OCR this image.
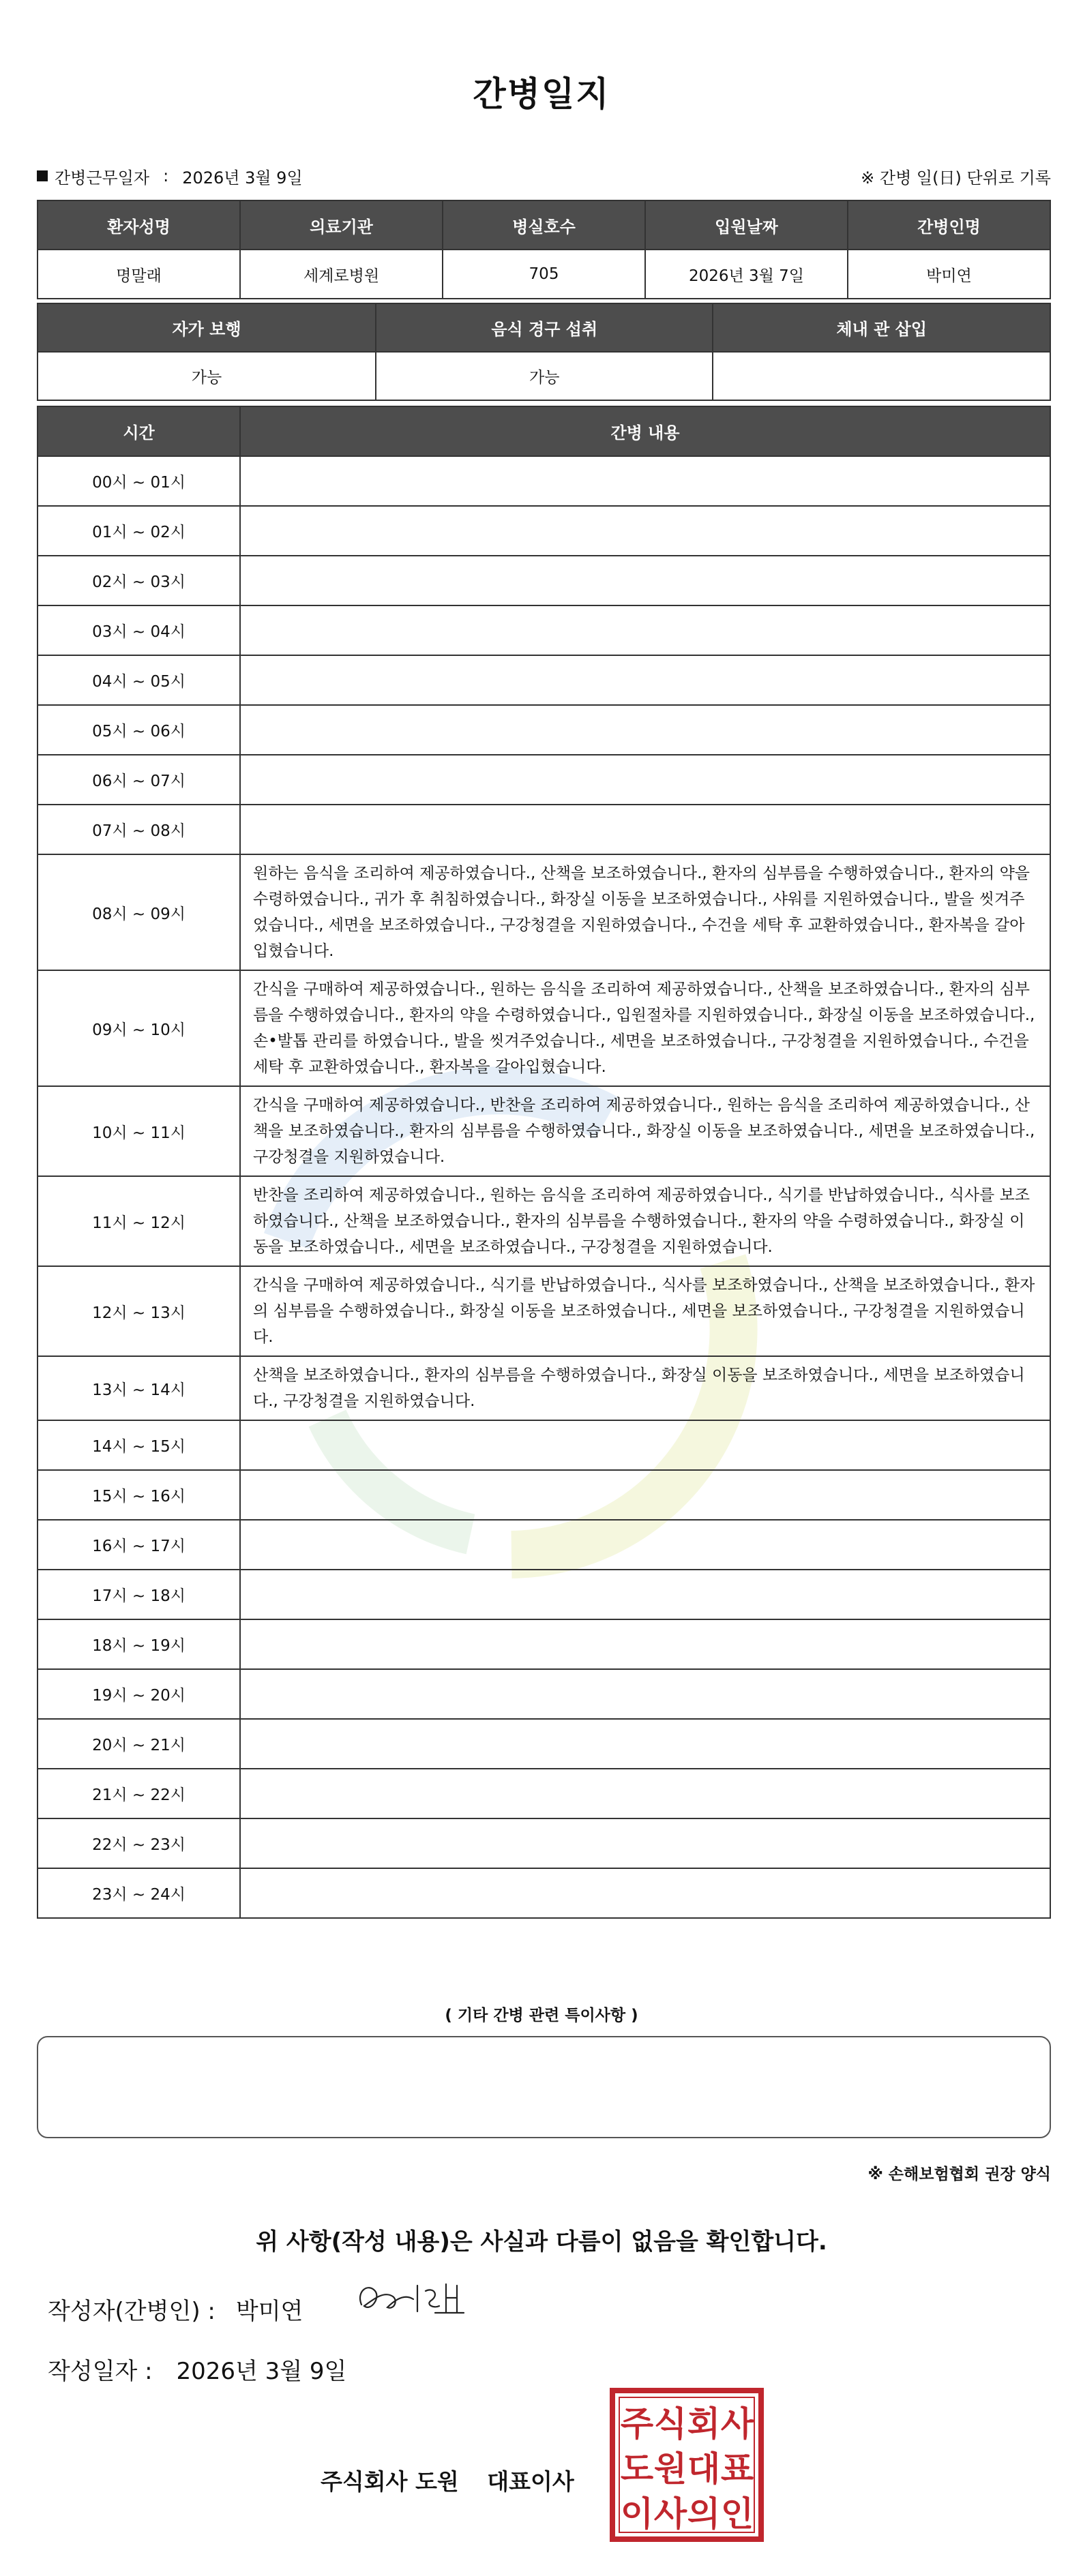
간병일지
간병근무일자 : 2026년 3월 9일	※ 간병 일(日) 단위로 기록
환자성명	의료기관	병실호수	입원날짜	간병인명
명말래	세계로병원	705	2026년 3월 7일	박미연
자가 보행	음식 경구 섭취	체내 관 삽입
가능	가능	
시간	간병 내용
00시 ~ 01시	
01시 ~ 02시	
02시 ~ 03시	
03시 ~ 04시	
04시 ~ 05시	
05시 ~ 06시	
06시 ~ 07시	
07시 ~ 08시	
08시 ~ 09시	원하는 음식을 조리하여 제공하였습니다., 산책을 보조하였습니다., 환자의 심부름을 수행하였습니다., 환자의 약을 수령하였습니다., 귀가 후 취침하였습니다., 화장실 이동을 보조하였습니다., 샤워를 지원하였습니다., 발을 씻겨주었습니다., 세면을 보조하였습니다., 구강청결을 지원하였습니다., 수건을 세탁 후 교환하였습니다., 환자복을 갈아입혔습니다.
09시 ~ 10시	간식을 구매하여 제공하였습니다., 원하는 음식을 조리하여 제공하였습니다., 산책을 보조하였습니다., 환자의 심부름을 수행하였습니다., 환자의 약을 수령하였습니다., 입원절차를 지원하였습니다., 화장실 이동을 보조하였습니다., 손•발톱 관리를 하였습니다., 발을 씻겨주었습니다., 세면을 보조하였습니다., 구강청결을 지원하였습니다., 수건을 세탁 후 교환하였습니다., 환자복을 갈아입혔습니다.
10시 ~ 11시	간식을 구매하여 제공하였습니다., 반찬을 조리하여 제공하였습니다., 원하는 음식을 조리하여 제공하였습니다., 산책을 보조하였습니다., 환자의 심부름을 수행하였습니다., 화장실 이동을 보조하였습니다., 세면을 보조하였습니다., 구강청결을 지원하였습니다.
11시 ~ 12시	반찬을 조리하여 제공하였습니다., 원하는 음식을 조리하여 제공하였습니다., 식기를 반납하였습니다., 식사를 보조하였습니다., 산책을 보조하였습니다., 환자의 심부름을 수행하였습니다., 환자의 약을 수령하였습니다., 화장실 이동을 보조하였습니다., 세면을 보조하였습니다., 구강청결을 지원하였습니다.
12시 ~ 13시	간식을 구매하여 제공하였습니다., 식기를 반납하였습니다., 식사를 보조하였습니다., 산책을 보조하였습니다., 환자의 심부름을 수행하였습니다., 화장실 이동을 보조하였습니다., 세면을 보조하였습니다., 구강청결을 지원하였습니다.
13시 ~ 14시	산책을 보조하였습니다., 환자의 심부름을 수행하였습니다., 화장실 이동을 보조하였습니다., 세면을 보조하였습니다., 구강청결을 지원하였습니다.
14시 ~ 15시	
15시 ~ 16시	
16시 ~ 17시	
17시 ~ 18시	
18시 ~ 19시	
19시 ~ 20시	
20시 ~ 21시	
21시 ~ 22시	
22시 ~ 23시	
23시 ~ 24시	
( 기타 간병 관련 특이사항 )
※ 손해보험협회 권장 양식
위 사항(작성 내용)은 사실과 다름이 없음을 확인합니다.
작성자(간병인) : 박미연
작성일자 : 2026년 3월 9일
주식회사 도원 대표이사
주 식 회 사
도 원 대 표
이 사 의 인
